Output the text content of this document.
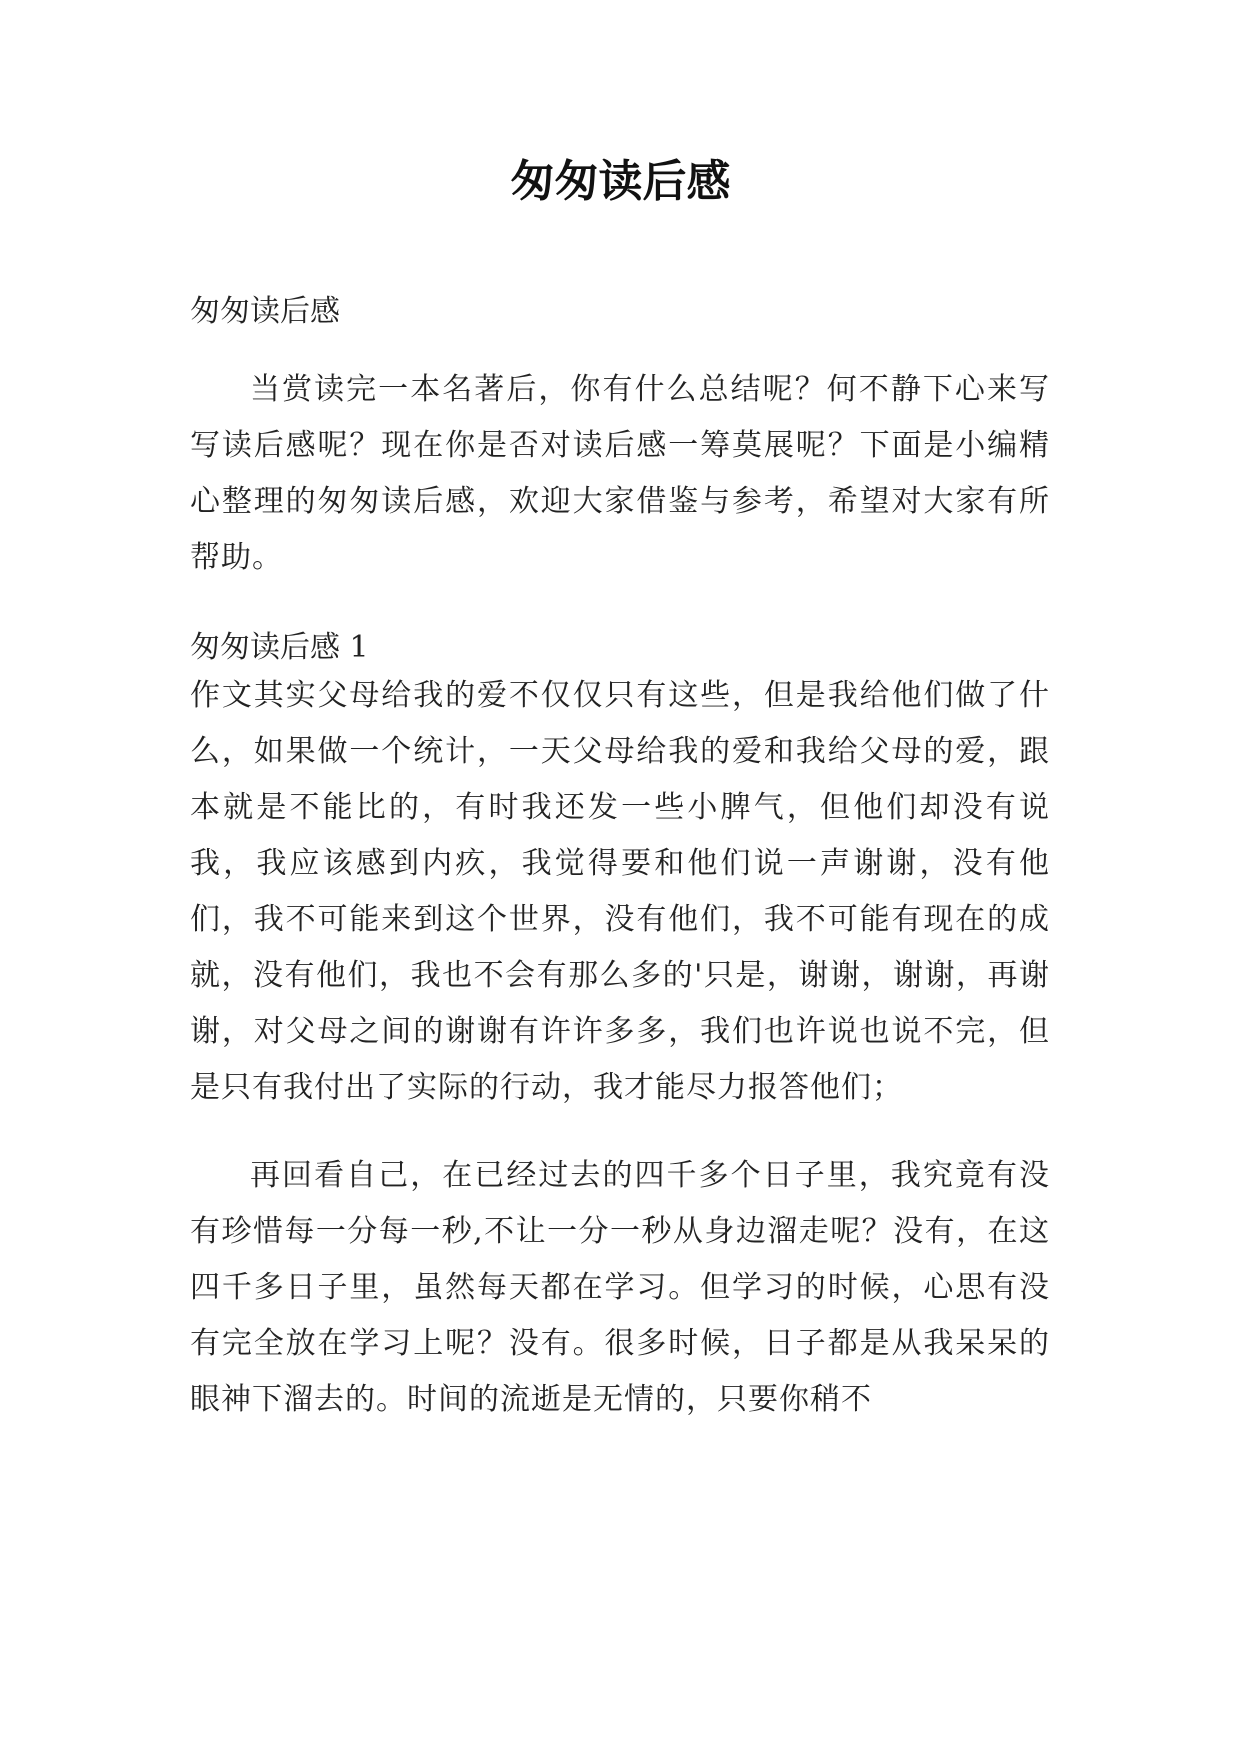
匆匆读后感

匆匆读后感

当赏读完一本名著后，你有什么总结呢？何不静下心来写写读后感呢？现在你是否对读后感一筹莫展呢？下面是小编精心整理的匆匆读后感，欢迎大家借鉴与参考，希望对大家有所帮助。

匆匆读后感 1

作文其实父母给我的爱不仅仅只有这些，但是我给他们做了什么，如果做一个统计，一天父母给我的爱和我给父母的爱，跟本就是不能比的，有时我还发一些小脾气，但他们却没有说我，我应该感到内疚，我觉得要和他们说一声谢谢，没有他们，我不可能来到这个世界，没有他们，我不可能有现在的成就，没有他们，我也不会有那么多的'只是，谢谢，谢谢，再谢谢，对父母之间的谢谢有许许多多，我们也许说也说不完，但是只有我付出了实际的行动，我才能尽力报答他们；

再回看自己，在已经过去的四千多个日子里，我究竟有没有珍惜每一分每一秒,不让一分一秒从身边溜走呢？没有，在这四千多日子里，虽然每天都在学习。但学习的时候，心思有没有完全放在学习上呢？没有。很多时候，日子都是从我呆呆的眼神下溜去的。时间的流逝是无情的，只要你稍不
